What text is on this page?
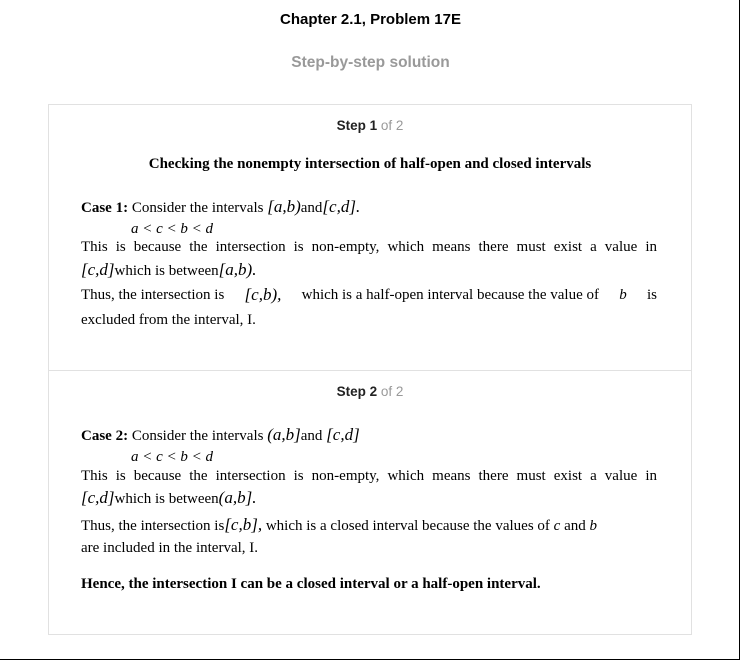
Chapter 2.1, Problem 17E
Step-by-step solution
Step 1 of 2
Checking the nonempty intersection of half-open and closed intervals
Case 1: Consider the intervals [a,b)and[c,d].
a < c < b < d
This is because the intersection is non-empty, which means there must exist a value in
[c,d]which is between[a,b).
Thus, the intersection is [c,b), which is a half-open interval because the value of b is
excluded from the interval, I.
Step 2 of 2
Case 2: Consider the intervals (a,b]and [c,d]
a < c < b < d
This is because the intersection is non-empty, which means there must exist a value in
[c,d]which is between(a,b].
Thus, the intersection is[c,b], which is a closed interval because the values of c and b
are included in the interval, I.
Hence, the intersection I can be a closed interval or a half-open interval.
